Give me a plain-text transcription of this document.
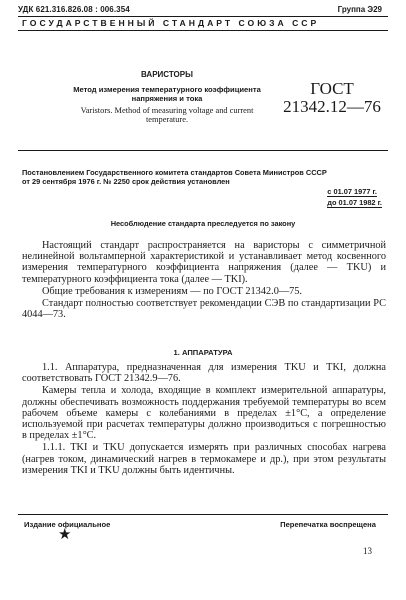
УДК 621.316.826.08 : 006.354	Группа Э29
ГОСУДАРСТВЕННЫЙ СТАНДАРТ СОЮЗА ССР
ВАРИСТОРЫ
Метод измерения температурного коэффициента
напряжения и тока
Varistors. Method of measuring voltage and current
temperature.
ГОСТ
21342.12—76
Постановлением Государственного комитета стандартов Совета Министров СССР
от 29 сентября 1976 г. № 2250 срок действия установлен
с 01.07 1977 г.
до 01.07 1982 г.
Несоблюдение стандарта преследуется по закону

Настоящий стандарт распространяется на варисторы с симметричной нелинейной вольтамперной характеристикой и устанавливает метод косвенного измерения температурного коэффициента напряжения (далее — TKU) и температурного коэффициента тока (далее — TKI).

Общие требования к измерениям — по ГОСТ 21342.0—75.

Стандарт полностью соответствует рекомендации СЭВ по стандартизации РС 4044—73.

1. АППАРАТУРА

1.1. Аппаратура, предназначенная для измерения TKU и TKI, должна соответствовать ГОСТ 21342.9—76.

Камеры тепла и холода, входящие в комплект измерительной аппаратуры, должны обеспечивать возможность поддержания требуемой температуры во всем рабочем объеме камеры с колебаниями в пределах ±1°C, а определение используемой при расчетах температуры должно производиться с погрешностью в пределах ±1°C.

1.1.1. TKI и TKU допускается измерять при различных способах нагрева (нагрев током, динамический нагрев в термокамере и др.), при этом результаты измерения TKI и TKU должны быть идентичны.

Издание официальное	Перепечатка воспрещена
★
13
